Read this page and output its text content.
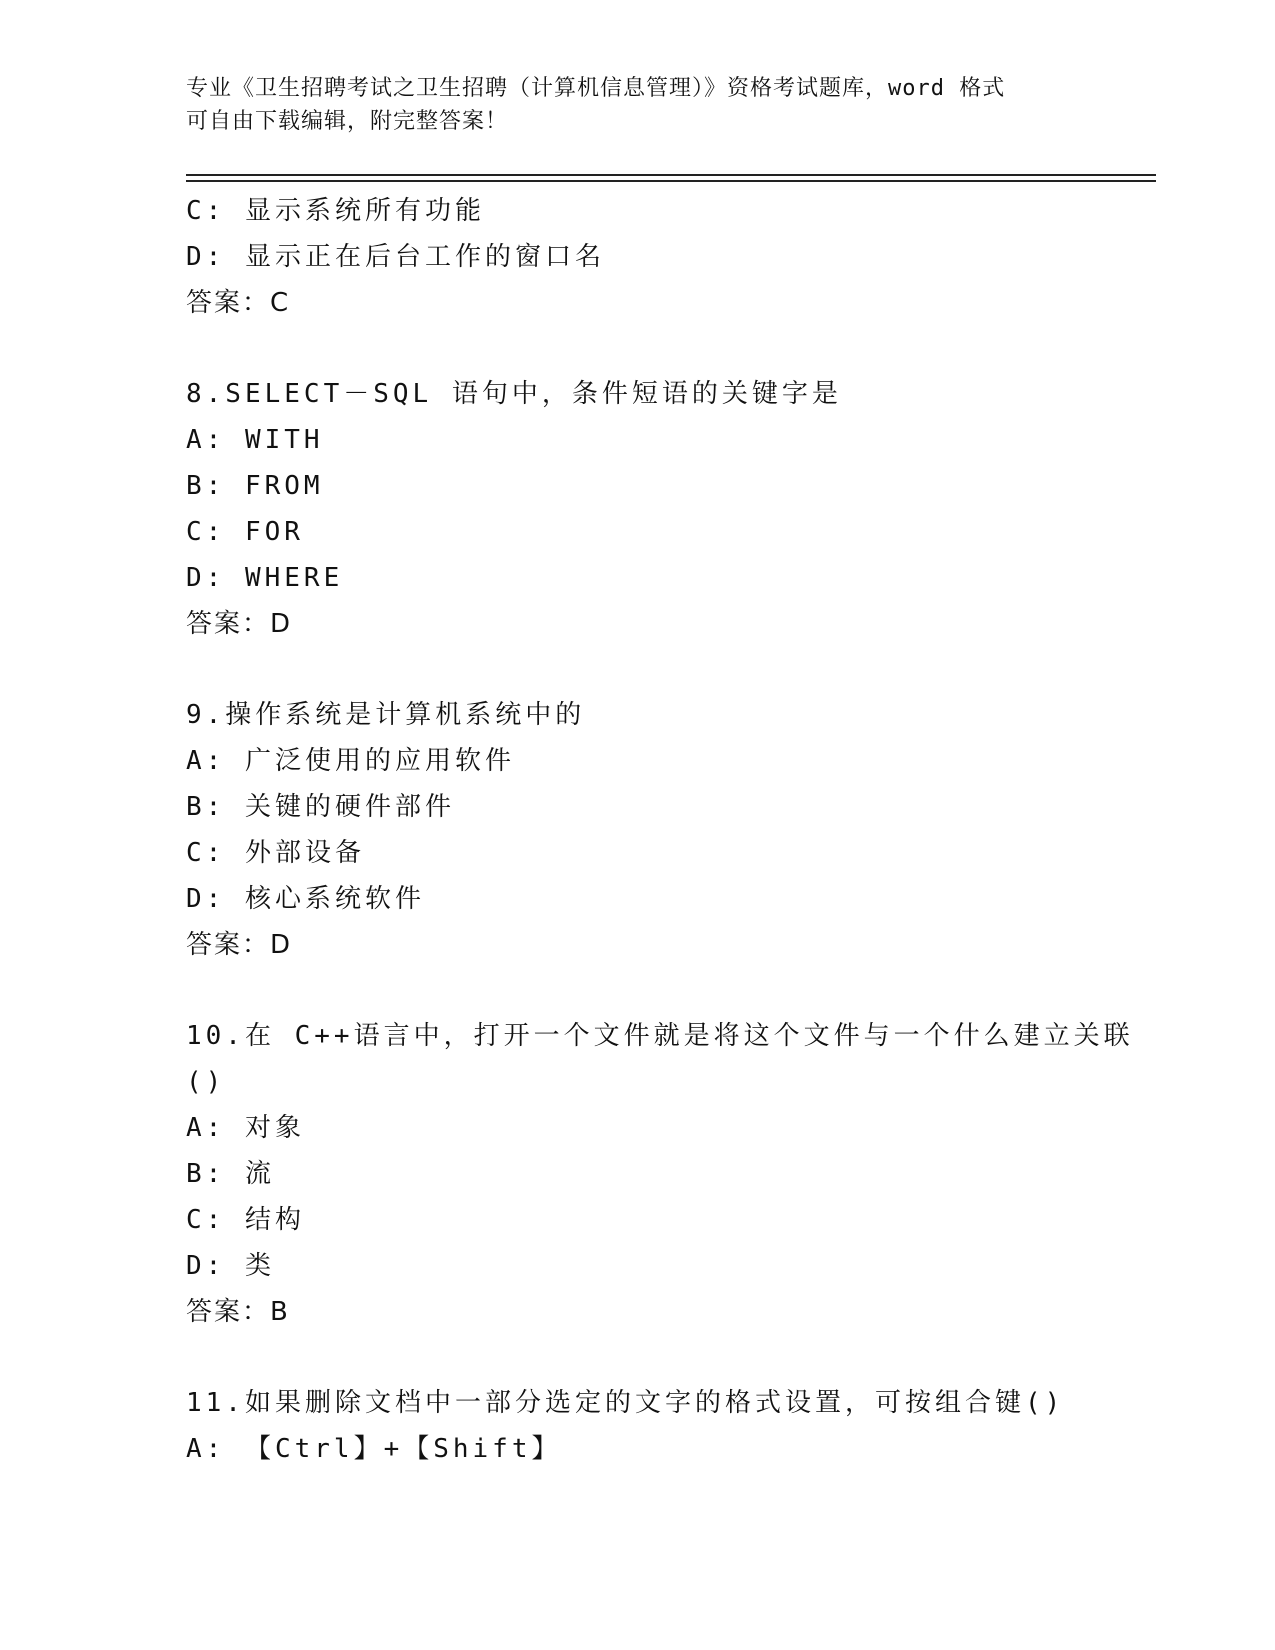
专业《卫生招聘考试之卫生招聘（计算机信息管理）》资格考试题库，word 格式
可自由下载编辑，附完整答案！
C: 显示系统所有功能
D: 显示正在后台工作的窗口名
答案：C
8.SELECT－SQL 语句中，条件短语的关键字是
A: WITH
B: FROM
C: FOR
D: WHERE
答案：D
9.操作系统是计算机系统中的
A: 广泛使用的应用软件
B: 关键的硬件部件
C: 外部设备
D: 核心系统软件
答案：D
10.在 C++语言中，打开一个文件就是将这个文件与一个什么建立关联
()
A: 对象
B: 流
C: 结构
D: 类
答案：B
11.如果删除文档中一部分选定的文字的格式设置，可按组合键()
A: 【Ctrl】+【Shift】
